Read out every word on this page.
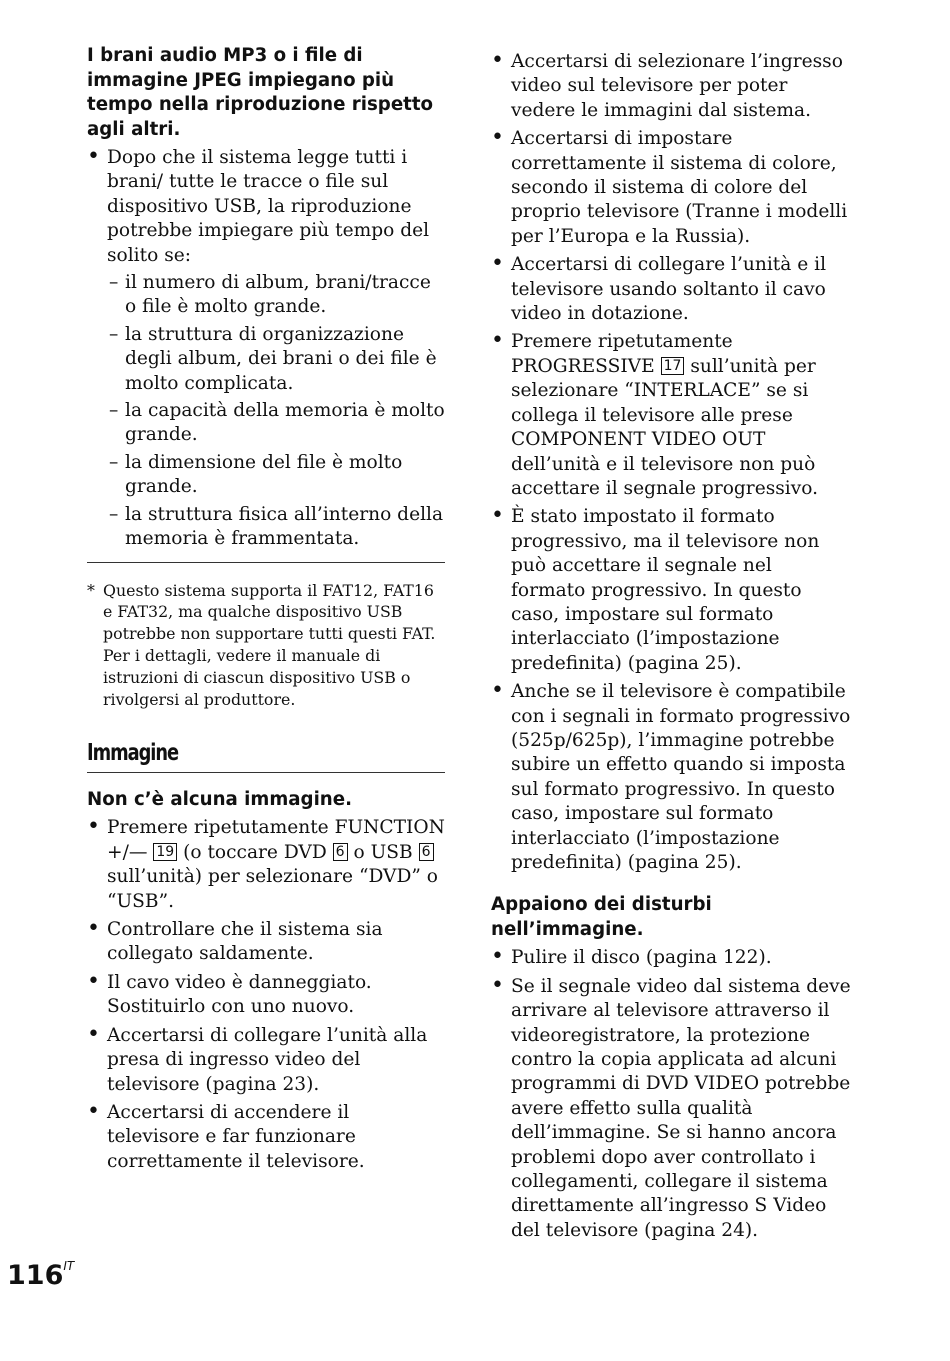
I brani audio MP3 o i file di immagine JPEG impiegano più tempo nella riproduzione rispetto agli altri.

• Dopo che il sistema legge tutti i brani/ tutte le tracce o file sul dispositivo USB, la riproduzione potrebbe impiegare più tempo del solito se:
– il numero di album, brani/tracce o file è molto grande.
– la struttura di organizzazione degli album, dei brani o dei file è molto complicata.
– la capacità della memoria è molto grande.
– la dimensione del file è molto grande.
– la struttura fisica all’interno della memoria è frammentata.

* Questo sistema supporta il FAT12, FAT16 e FAT32, ma qualche dispositivo USB potrebbe non supportare tutti questi FAT. Per i dettagli, vedere il manuale di istruzioni di ciascun dispositivo USB o rivolgersi al produttore.

Immagine

Non c’è alcuna immagine.

• Premere ripetutamente FUNCTION +/— 19 (o toccare DVD 6 o USB 6 sull’unità) per selezionare “DVD” o “USB”.
• Controllare che il sistema sia collegato saldamente.
• Il cavo video è danneggiato. Sostituirlo con uno nuovo.
• Accertarsi di collegare l’unità alla presa di ingresso video del televisore (pagina 23).
• Accertarsi di accendere il televisore e far funzionare correttamente il televisore.
• Accertarsi di selezionare l’ingresso video sul televisore per poter vedere le immagini dal sistema.
• Accertarsi di impostare correttamente il sistema di colore, secondo il sistema di colore del proprio televisore (Tranne i modelli per l’Europa e la Russia).
• Accertarsi di collegare l’unità e il televisore usando soltanto il cavo video in dotazione.
• Premere ripetutamente PROGRESSIVE 17 sull’unità per selezionare “INTERLACE” se si collega il televisore alle prese COMPONENT VIDEO OUT dell’unità e il televisore non può accettare il segnale progressivo.
• È stato impostato il formato progressivo, ma il televisore non può accettare il segnale nel formato progressivo. In questo caso, impostare sul formato interlacciato (l’impostazione predefinita) (pagina 25).
• Anche se il televisore è compatibile con i segnali in formato progressivo (525p/625p), l’immagine potrebbe subire un effetto quando si imposta sul formato progressivo. In questo caso, impostare sul formato interlacciato (l’impostazione predefinita) (pagina 25).

Appaiono dei disturbi nell’immagine.

• Pulire il disco (pagina 122).
• Se il segnale video dal sistema deve arrivare al televisore attraverso il videoregistratore, la protezione contro la copia applicata ad alcuni programmi di DVD VIDEO potrebbe avere effetto sulla qualità dell’immagine. Se si hanno ancora problemi dopo aver controllato i collegamenti, collegare il sistema direttamente all’ingresso S Video del televisore (pagina 24).
$116^{IT}$
